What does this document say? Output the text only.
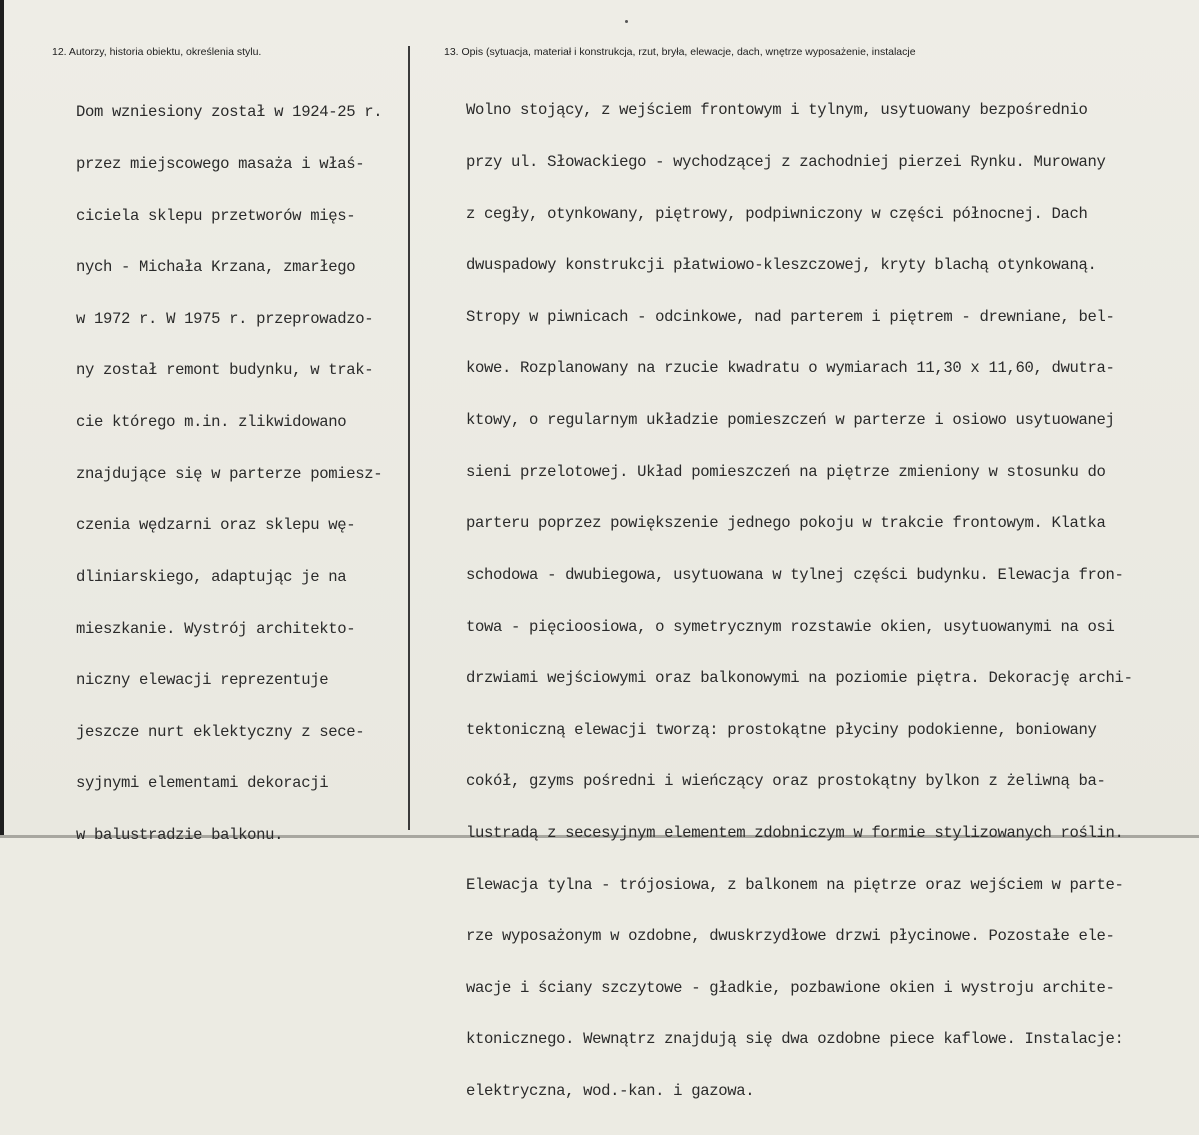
12. Autorzy, historia obiektu, określenia stylu.	13. Opis (sytuacja, materiał i konstrukcja, rzut, bryła, elewacje, dach, wnętrze wyposażenie, instalacje

Dom wzniesiony został w 1924-25 r.

przez miejscowego masaża i właś-

ciciela sklepu przetworów mięs-

nych - Michała Krzana, zmarłego

w 1972 r. W 1975 r. przeprowadzo-

ny został remont budynku, w trak-

cie którego m.in. zlikwidowano

znajdujące się w parterze pomiesz-

czenia wędzarni oraz sklepu wę-

dliniarskiego, adaptując je na

mieszkanie. Wystrój architekto-

niczny elewacji reprezentuje

jeszcze nurt eklektyczny z sece-

syjnymi elementami dekoracji

w balustradzie balkonu.

Wolno stojący, z wejściem frontowym i tylnym, usytuowany bezpośrednio

przy ul. Słowackiego - wychodzącej z zachodniej pierzei Rynku. Murowany

z cegły, otynkowany, piętrowy, podpiwniczony w części północnej. Dach

dwuspadowy konstrukcji płatwiowo-kleszczowej, kryty blachą otynkowaną.

Stropy w piwnicach - odcinkowe, nad parterem i piętrem - drewniane, bel-

kowe. Rozplanowany na rzucie kwadratu o wymiarach 11,30 x 11,60, dwutra-

ktowy, o regularnym układzie pomieszczeń w parterze i osiowo usytuowanej

sieni przelotowej. Układ pomieszczeń na piętrze zmieniony w stosunku do

parteru poprzez powiększenie jednego pokoju w trakcie frontowym. Klatka

schodowa - dwubiegowa, usytuowana w tylnej części budynku. Elewacja fron-

towa - pięcioosiowa, o symetrycznym rozstawie okien, usytuowanymi na osi

drzwiami wejściowymi oraz balkonowymi na poziomie piętra. Dekorację archi-

tektoniczną elewacji tworzą: prostokątne płyciny podokienne, boniowany

cokół, gzyms pośredni i wieńczący oraz prostokątny bylkon z żeliwną ba-

lustradą z secesyjnym elementem zdobniczym w formie stylizowanych roślin.

Elewacja tylna - trójosiowa, z balkonem na piętrze oraz wejściem w parte-

rze wyposażonym w ozdobne, dwuskrzydłowe drzwi płycinowe. Pozostałe ele-

wacje i ściany szczytowe - gładkie, pozbawione okien i wystroju archite-

ktonicznego. Wewnątrz znajdują się dwa ozdobne piece kaflowe. Instalacje:

elektryczna, wod.-kan. i gazowa.
